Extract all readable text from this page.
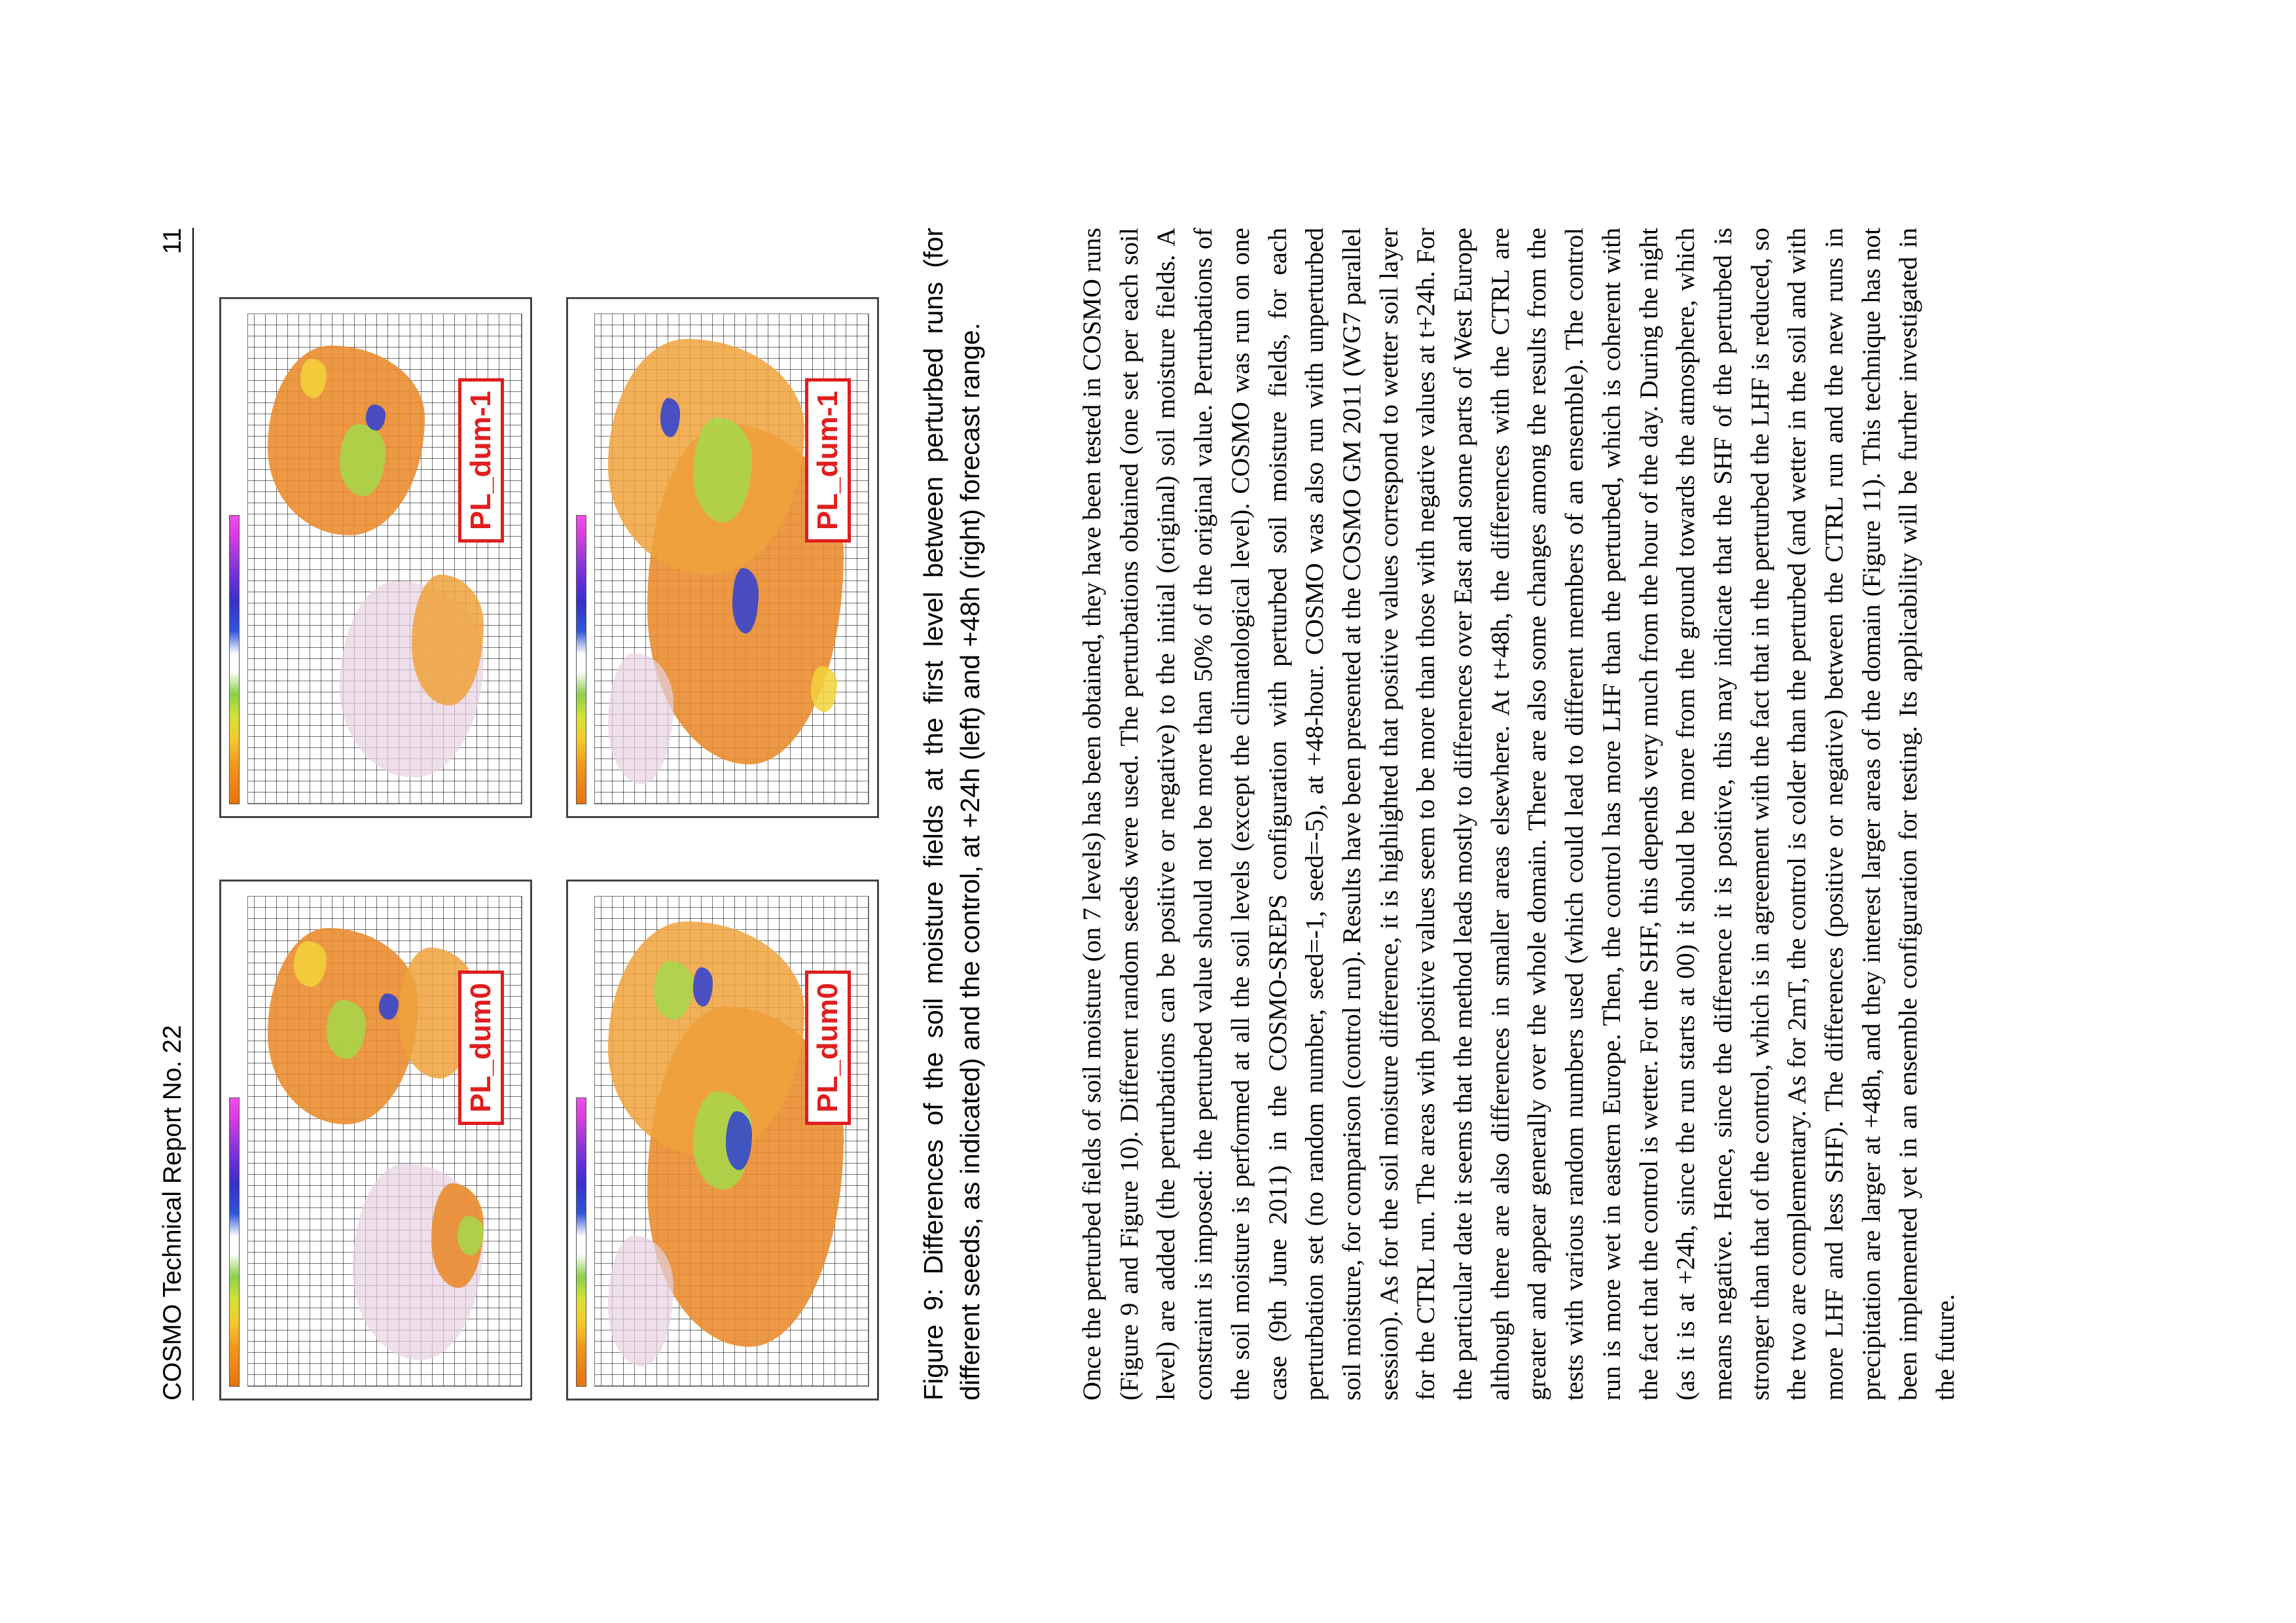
COSMO Technical Report No. 22
11
PL_dum0	PL_dum0
PL_dum-1	PL_dum-1	Figure 9: Differences of the soil moisture fields at the first level between perturbed runs (for different seeds, as indicated) and the control, at +24h (left) and +48h (right) forecast range.	Once the perturbed fields of soil moisture (on 7 levels) has been obtained, they have been tested in COSMO runs (Figure 9 and Figure 10). Different random seeds were used. The perturbations obtained (one set per each soil level) are added (the perturbations can be positive or negative) to the initial (original) soil moisture fields. A constraint is imposed: the perturbed value should not be more than 50% of the original value. Perturbations of the soil moisture is performed at all the soil levels (except the climatological level). COSMO was run on one case (9th June 2011) in the COSMO-SREPS configuration with perturbed soil moisture fields, for each perturbation set (no random number, seed=-1, seed=-5), at +48-hour. COSMO was also run with unperturbed soil moisture, for comparison (control run). Results have been presented at the COSMO GM 2011 (WG7 parallel session). As for the soil moisture difference, it is highlighted that positive values correspond to wetter soil layer for the CTRL run. The areas with positive values seem to be more than those with negative values at t+24h. For the particular date it seems that the method leads mostly to differences over East and some parts of West Europe although there are also differences in smaller areas elsewhere. At t+48h, the differences with the CTRL are greater and appear generally over the whole domain. There are also some changes among the results from the tests with various random numbers used (which could lead to different members of an ensemble). The control run is more wet in eastern Europe. Then, the control has more LHF than the perturbed, which is coherent with the fact that the control is wetter. For the SHF, this depends very much from the hour of the day. During the night (as it is at +24h, since the run starts at 00) it should be more from the ground towards the atmosphere, which means negative. Hence, since the difference it is positive, this may indicate that the SHF of the perturbed is stronger than that of the control, which is in agreement with the fact that in the perturbed the LHF is reduced, so the two are complementary. As for 2mT, the control is colder than the perturbed (and wetter in the soil and with more LHF and less SHF). The differences (positive or negative) between the CTRL run and the new runs in precipitation are larger at +48h, and they interest larger areas of the domain (Figure 11). This technique has not been implemented yet in an ensemble configuration for testing. Its applicability will be further investigated in the future.
